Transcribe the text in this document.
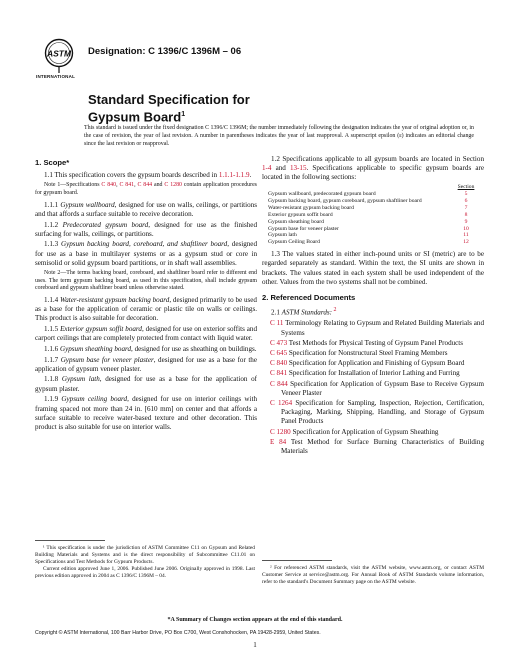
ASTM
INTERNATIONAL
Designation: C 1396/C 1396M – 06
Standard Specification for
Gypsum Board$^1$
This standard is issued under the fixed designation C 1396/C 1396M; the number immediately following the designation indicates the year of original adoption or, in the case of revision, the year of last revision. A number in parentheses indicates the year of last reapproval. A superscript epsilon (ε) indicates an editorial change since the last revision or reapproval.
1. Scope*

1.1 This specification covers the gypsum boards described in 1.1.1-1.1.9.

Note 1—Specifications C 840, C 841, C 844 and C 1280 contain application procedures for gypsum board.

1.1.1 Gypsum wallboard, designed for use on walls, ceilings, or partitions and that affords a surface suitable to receive decoration.

1.1.2 Predecorated gypsum board, designed for use as the finished surfacing for walls, ceilings, or partitions.

1.1.3 Gypsum backing board, coreboard, and shaftliner board, designed for use as a base in multilayer systems or as a gypsum stud or core in semisolid or solid gypsum board partitions, or in shaft wall assemblies.

Note 2—The terms backing board, coreboard, and shaftliner board refer to different end uses. The term gypsum backing board, as used in this specification, shall include gypsum coreboard and gypsum shaftliner board unless otherwise stated.

1.1.4 Water-resistant gypsum backing board, designed primarily to be used as a base for the application of ceramic or plastic tile on walls or ceilings. This product is also suitable for decoration.

1.1.5 Exterior gypsum soffit board, designed for use on exterior soffits and carport ceilings that are completely protected from contact with liquid water.

1.1.6 Gypsum sheathing board, designed for use as sheathing on buildings.

1.1.7 Gypsum base for veneer plaster, designed for use as a base for the application of gypsum veneer plaster.

1.1.8 Gypsum lath, designed for use as a base for the application of gypsum plaster.

1.1.9 Gypsum ceiling board, designed for use on interior ceilings with framing spaced not more than 24 in. [610 mm] on center and that affords a surface suitable to receive water-based texture and other decoration. This product is also suitable for use on interior walls.

¹ This specification is under the jurisdiction of ASTM Committee C11 on Gypsum and Related Building Materials and Systems and is the direct responsibility of Subcommittee C11.01 on Specifications and Test Methods for Gypsum Products.

Current edition approved June 1, 2006. Published June 2006. Originally approved in 1998. Last previous edition approved in 2004 as C 1396/C 1396M – 04.

1.2 Specifications applicable to all gypsum boards are located in Section 1-4 and 13-15. Specifications applicable to specific gypsum boards are located in the following sections:

	Section
Gypsum wallboard, predecorated gypsum board	5
Gypsum backing board, gypsum coreboard, gypsum shaftliner board	6
Water-resistant gypsum backing board	7
Exterior gypsum soffit board	8
Gypsum sheathing board	9
Gypsum base for veneer plaster	10
Gypsum lath	11
Gypsum Ceiling Board	12

1.3 The values stated in either inch-pound units or SI (metric) are to be regarded separately as standard. Within the text, the SI units are shown in brackets. The values stated in each system shall be used independent of the other. Values from the two systems shall not be combined.

2. Referenced Documents

2.1 ASTM Standards: $^2$

C 11 Terminology Relating to Gypsum and Related Building Materials and Systems

C 473 Test Methods for Physical Testing of Gypsum Panel Products

C 645 Specification for Nonstructural Steel Framing Members

C 840 Specification for Application and Finishing of Gypsum Board

C 841 Specification for Installation of Interior Lathing and Furring

C 844 Specification for Application of Gypsum Base to Receive Gypsum Veneer Plaster

C 1264 Specification for Sampling, Inspection, Rejection, Certification, Packaging, Marking, Shipping, Handling, and Storage of Gypsum Panel Products

C 1280 Specification for Application of Gypsum Sheathing

E 84 Test Method for Surface Burning Characteristics of Building Materials

² For referenced ASTM standards, visit the ASTM website, www.astm.org, or contact ASTM Customer Service at service@astm.org. For Annual Book of ASTM Standards volume information, refer to the standard's Document Summary page on the ASTM website.

*A Summary of Changes section appears at the end of this standard.
Copyright © ASTM International, 100 Barr Harbor Drive, PO Box C700, West Conshohocken, PA 19428-2959, United States.
1
